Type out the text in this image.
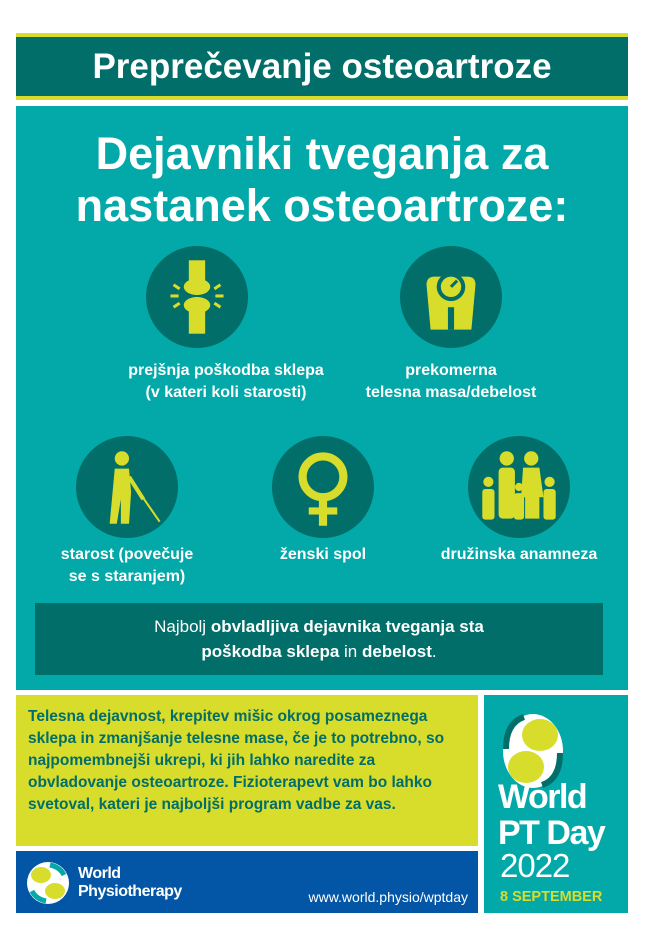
Preprečevanje osteoartroze
Dejavniki tveganja za
nastanek osteoartroze:
prejšnja poškodba sklepa
(v kateri koli starosti)
prekomerna
telesna masa/debelost
starost (povečuje
se s staranjem)
ženski spol	družinska anamneza
Najbolj obvladljiva dejavnika tveganja sta
poškodba sklepa in debelost.
Telesna dejavnost, krepitev mišic okrog posameznega sklepa in zmanjšanje telesne mase, če je to potrebno, so najpomembnejši ukrepi, ki jih lahko naredite za obvladovanje osteoartroze. Fizioterapevt vam bo lahko svetoval, kateri je najboljši program vadbe za vas.
World
Physiotherapy	www.world.physio/wptday
World
PT Day
2022
8 SEPTEMBER
